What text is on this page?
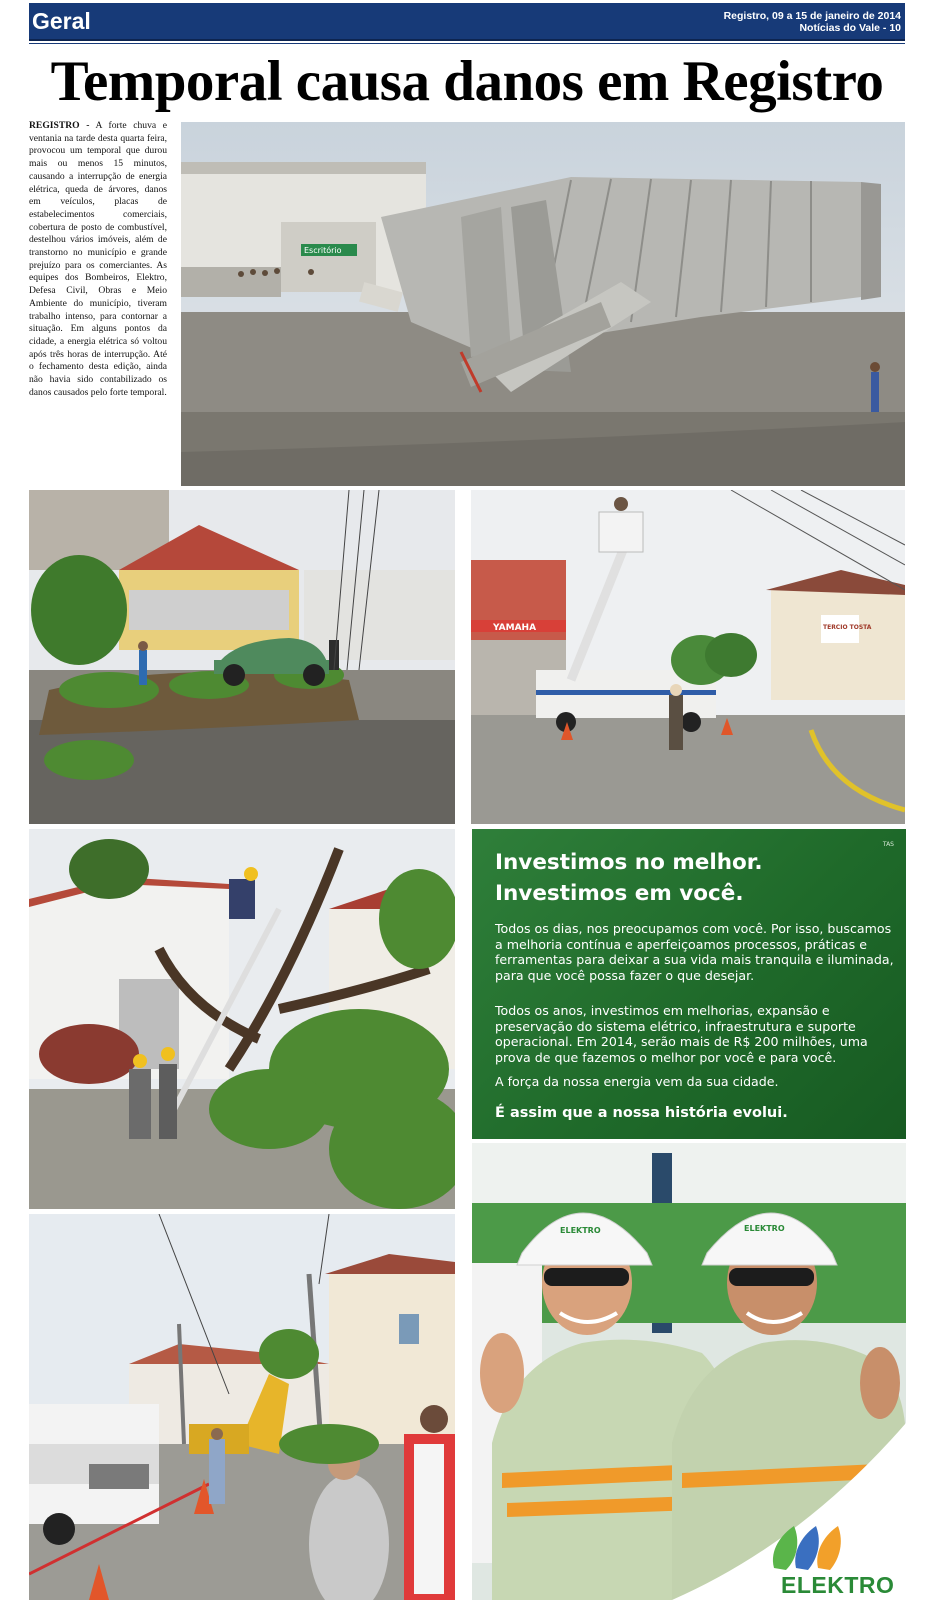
Geral	Registro, 09 a 15 de janeiro de 2014
Notícias do Vale - 10
Temporal causa danos em Registro
REGISTRO - A forte chuva e ventania na tarde desta quarta feira, provocou um temporal que durou mais ou menos 15 minutos, causando a interrupção de energia elétrica, queda de árvores, danos em veículos, placas de estabelecimentos comerciais, cobertura de posto de combustível, destelhou vários imóveis, além de transtorno no município e grande prejuízo para os comerciantes. As equipes dos Bombeiros, Elektro, Defesa Civil, Obras e Meio Ambiente do município, tiveram trabalho intenso, para contornar a situação. Em alguns pontos da cidade, a energia elétrica só voltou após três horas de interrupção. Até o fechamento desta edição, ainda não havia sido contabilizado os danos causados pelo forte temporal.
Escritório
YAMAHA	TERCIO TOSTA
TAS
Investimos no melhor.
Investimos em você.

Todos os dias, nos preocupamos com você. Por isso, buscamos a melhoria contínua e aperfeiçoamos processos, práticas e ferramentas para deixar a sua vida mais tranquila e iluminada, para que você possa fazer o que desejar.

Todos os anos, investimos em melhorias, expansão e preservação do sistema elétrico, infraestrutura e suporte operacional. Em 2014, serão mais de R$ 200 milhões, uma prova de que fazemos o melhor por você e para você.

A força da nossa energia vem da sua cidade.

É assim que a nossa história evolui.
ELEKTRO	ELEKTRO
ELEKTRO
